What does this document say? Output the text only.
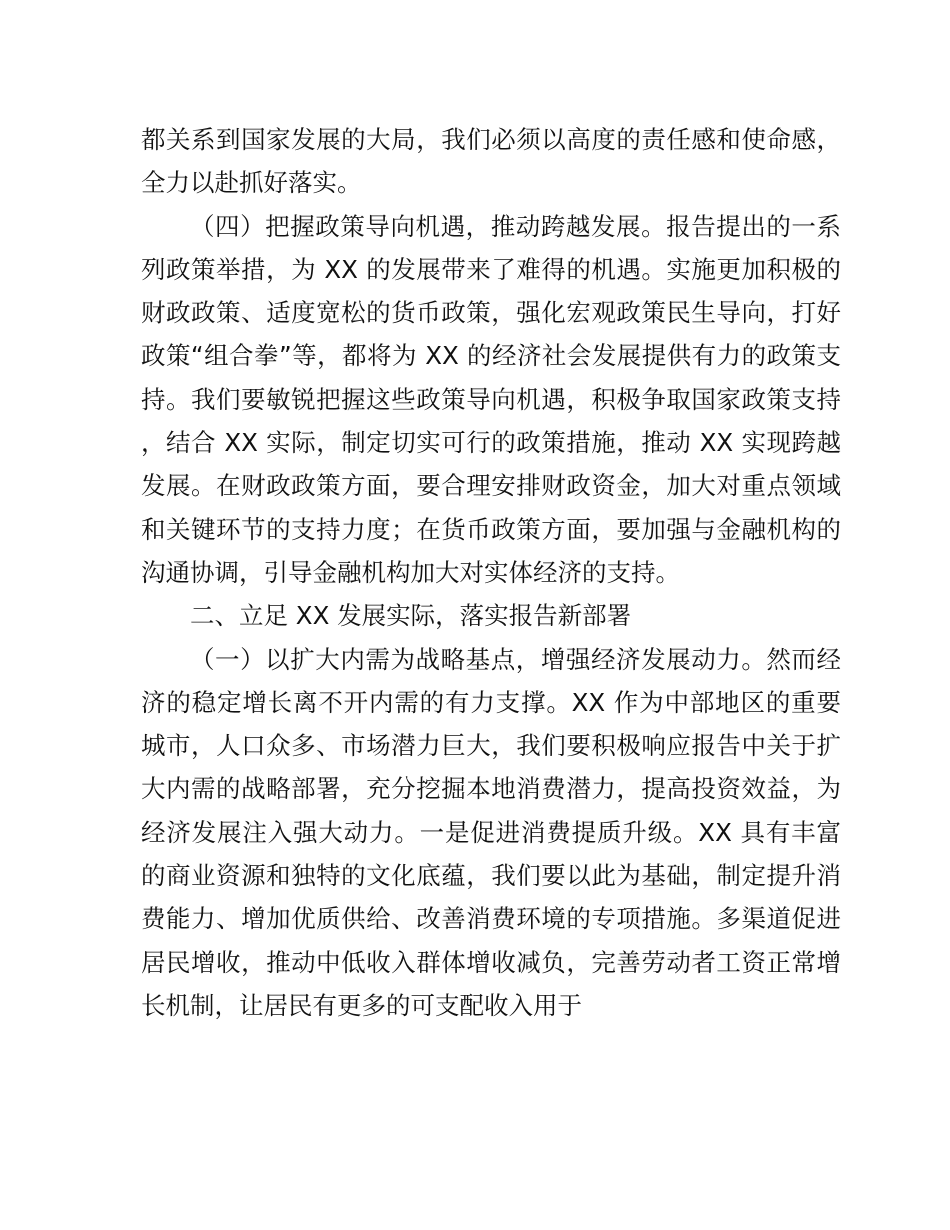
都关系到国家发展的大局，我们必须以高度的责任感和使命感，全力以赴抓好落实。

（四）把握政策导向机遇，推动跨越发展。报告提出的一系列政策举措，为 XX 的发展带来了难得的机遇。实施更加积极的财政政策、适度宽松的货币政策，强化宏观政策民生导向，打好政策“组合拳”等，都将为 XX 的经济社会发展提供有力的政策支持。我们要敏锐把握这些政策导向机遇，积极争取国家政策支持，结合 XX 实际，制定切实可行的政策措施，推动 XX 实现跨越发展。在财政政策方面，要合理安排财政资金，加大对重点领域和关键环节的支持力度；在货币政策方面，要加强与金融机构的沟通协调，引导金融机构加大对实体经济的支持。

二、立足 XX 发展实际，落实报告新部署

（一）以扩大内需为战略基点，增强经济发展动力。然而经济的稳定增长离不开内需的有力支撑。XX 作为中部地区的重要城市，人口众多、市场潜力巨大，我们要积极响应报告中关于扩大内需的战略部署，充分挖掘本地消费潜力，提高投资效益，为经济发展注入强大动力。一是促进消费提质升级。XX 具有丰富的商业资源和独特的文化底蕴，我们要以此为基础，制定提升消费能力、增加优质供给、改善消费环境的专项措施。多渠道促进居民增收，推动中低收入群体增收减负，完善劳动者工资正常增长机制，让居民有更多的可支配收入用于
